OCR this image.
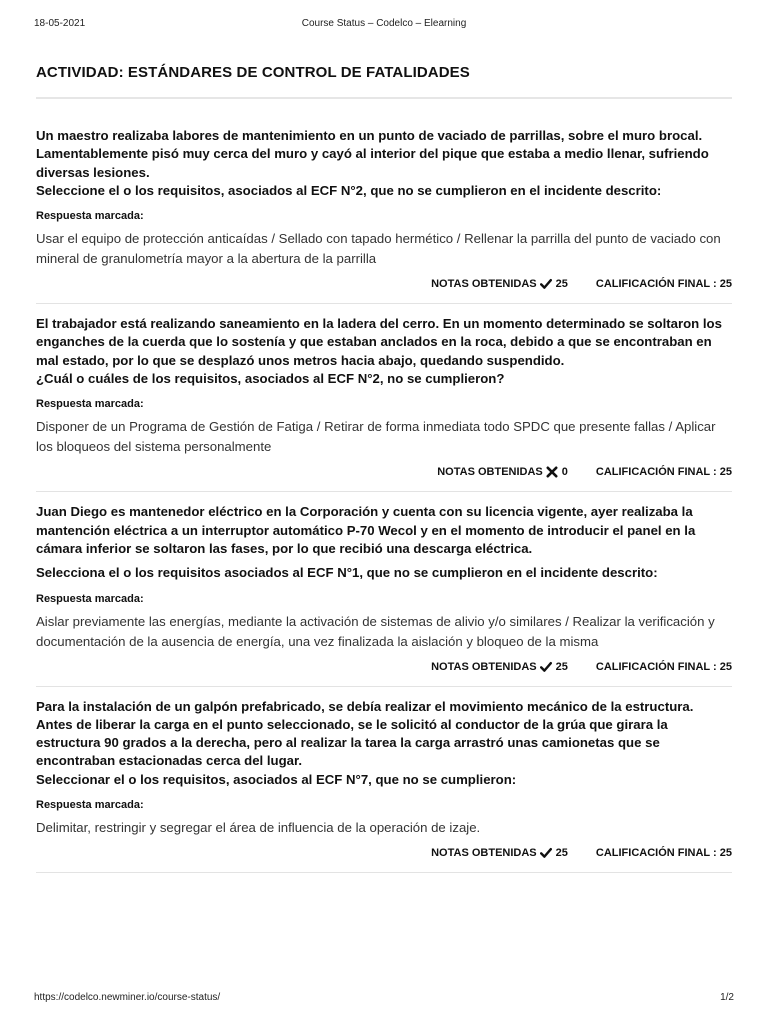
18-05-2021	Course Status – Codelco – Elearning
ACTIVIDAD: ESTÁNDARES DE CONTROL DE FATALIDADES

Un maestro realizaba labores de mantenimiento en un punto de vaciado de parrillas, sobre el muro brocal. Lamentablemente pisó muy cerca del muro y cayó al interior del pique que estaba a medio llenar, sufriendo diversas lesiones.

Seleccione el o los requisitos, asociados al ECF N°2, que no se cumplieron en el incidente descrito:

Respuesta marcada:
Usar el equipo de protección anticaídas / Sellado con tapado hermético / Rellenar la parrilla del punto de vaciado con mineral de granulometría mayor a la abertura de la parrilla
NOTAS OBTENIDAS 25	CALIFICACIÓN FINAL :
25

El trabajador está realizando saneamiento en la ladera del cerro. En un momento determinado se soltaron los enganches de la cuerda que lo sostenía y que estaban anclados en la roca, debido a que se encontraban en mal estado, por lo que se desplazó unos metros hacia abajo, quedando suspendido.

¿Cuál o cuáles de los requisitos, asociados al ECF N°2, no se cumplieron?

Respuesta marcada:
Disponer de un Programa de Gestión de Fatiga / Retirar de forma inmediata todo SPDC que presente fallas / Aplicar los bloqueos del sistema personalmente
NOTAS OBTENIDAS 0	CALIFICACIÓN FINAL :
25

Juan Diego es mantenedor eléctrico en la Corporación y cuenta con su licencia vigente, ayer realizaba la mantención eléctrica a un interruptor automático P-70 Wecol y en el momento de introducir el panel en la cámara inferior se soltaron las fases, por lo que recibió una descarga eléctrica.

Selecciona el o los requisitos asociados al ECF N°1, que no se cumplieron en el incidente descrito:

Respuesta marcada:
Aislar previamente las energías, mediante la activación de sistemas de alivio y/o similares / Realizar la verificación y documentación de la ausencia de energía, una vez finalizada la aislación y bloqueo de la misma
NOTAS OBTENIDAS 25	CALIFICACIÓN FINAL :
25

Para la instalación de un galpón prefabricado, se debía realizar el movimiento mecánico de la estructura. Antes de liberar la carga en el punto seleccionado, se le solicitó al conductor de la grúa que girara la estructura 90 grados a la derecha, pero al realizar la tarea la carga arrastró unas camionetas que se encontraban estacionadas cerca del lugar.

Seleccionar el o los requisitos, asociados al ECF N°7, que no se cumplieron:

Respuesta marcada:
Delimitar, restringir y segregar el área de influencia de la operación de izaje.
NOTAS OBTENIDAS 25	CALIFICACIÓN FINAL :
25
https://codelco.newminer.io/course-status/	1/2
